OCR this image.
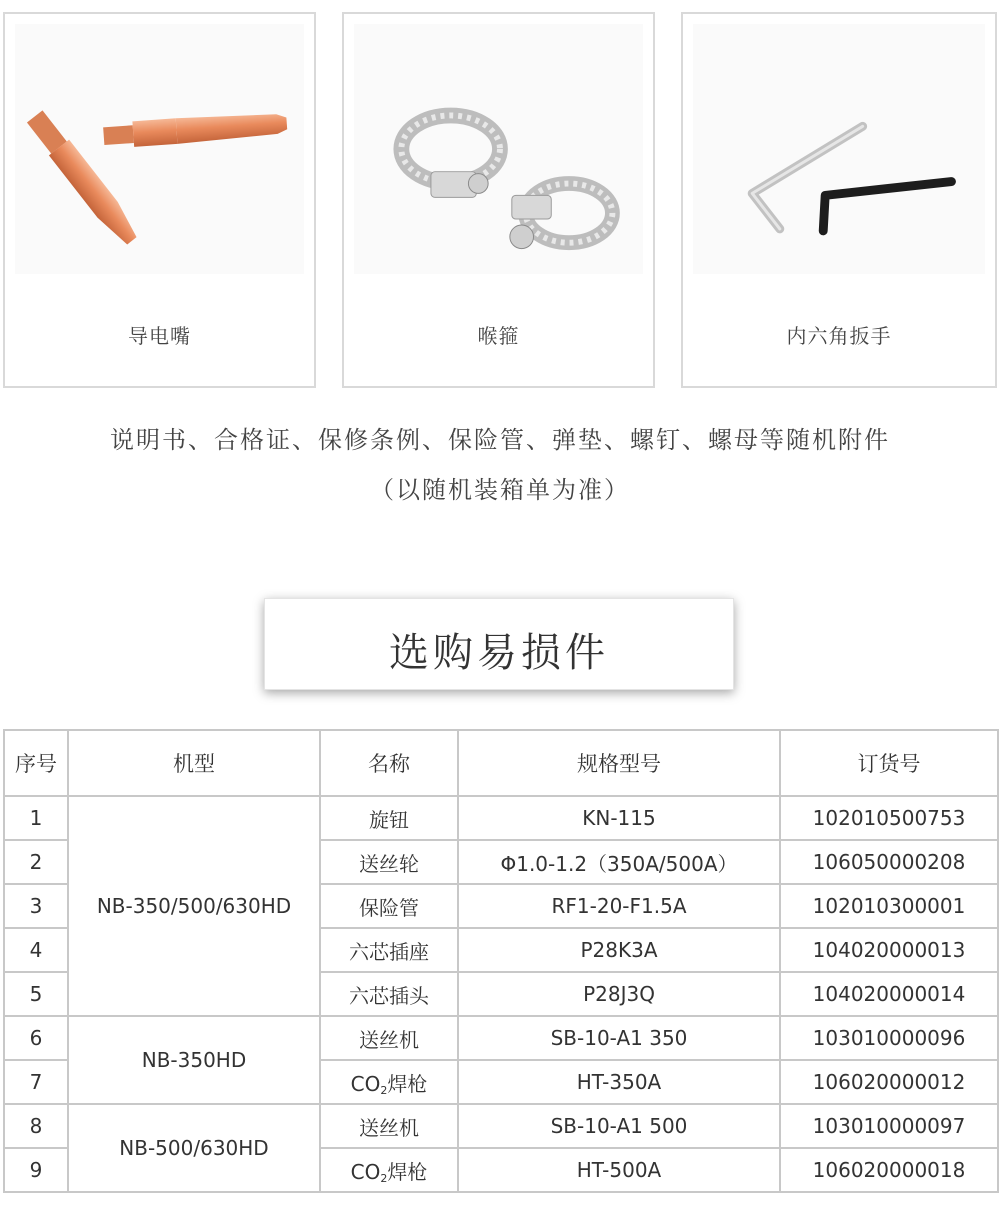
导电嘴	喉箍	内六角扳手
说明书、合格证、保修条例、保险管、弹垫、螺钉、螺母等随机附件
（以随机装箱单为准）
选购易损件
序号	机型	名称	规格型号	订货号
1	NB-350/500/630HD	旋钮	KN-115	102010500753
2		送丝轮	Φ1.0-1.2（350A/500A）	106050000208
3		保险管	RF1-20-F1.5A	102010300001
4		六芯插座	P28K3A	104020000013
5		六芯插头	P28J3Q	104020000014
6	NB-350HD	送丝机	SB-10-A1 350	103010000096
7		$CO_2$焊枪	HT-350A	106020000012
8	NB-500/630HD	送丝机	SB-10-A1 500	103010000097
9		$CO_2$焊枪	HT-500A	106020000018
